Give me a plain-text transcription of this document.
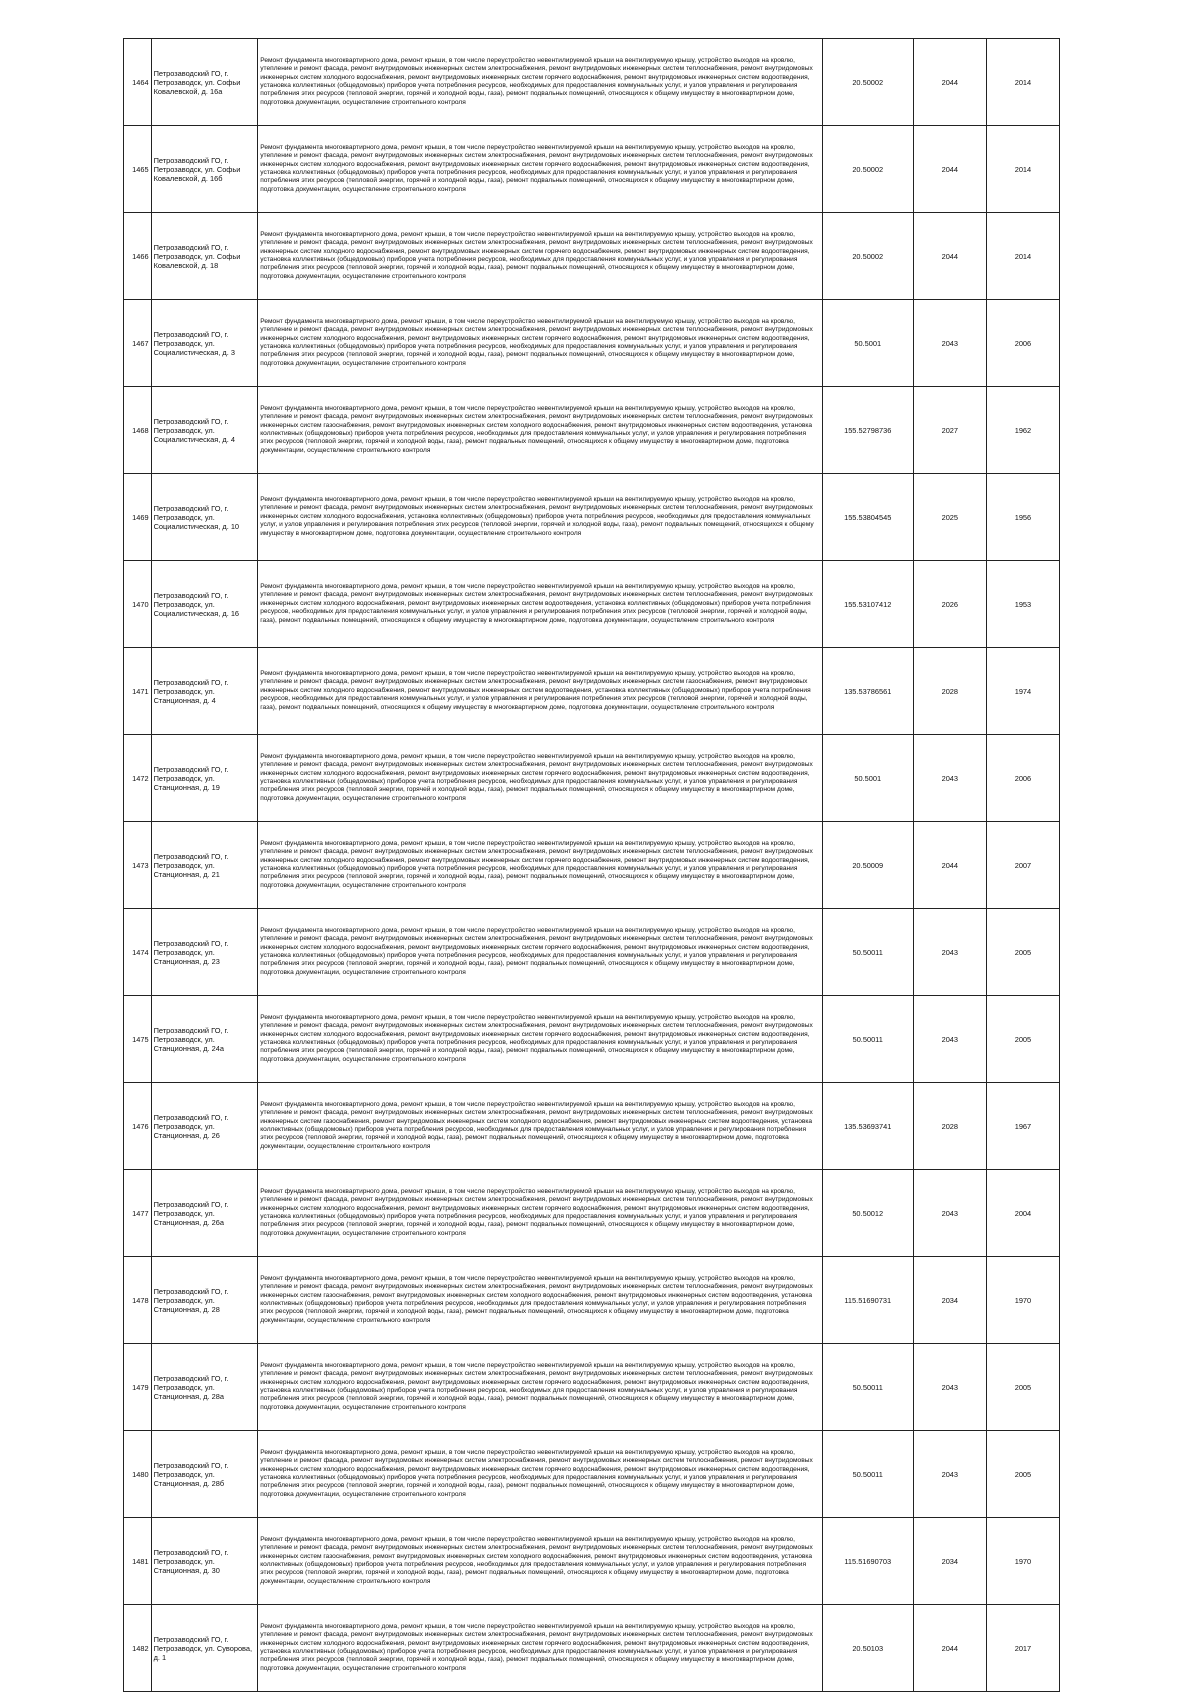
1464	Петрозаводский ГО, г. Петрозаводск, ул. Софьи Ковалевской, д. 16а	Ремонт фундамента многоквартирного дома, ремонт крыши, в том числе переустройство невентилируемой крыши на вентилируемую крышу, устройство выходов на кровлю, утепление и ремонт фасада, ремонт внутридомовых инженерных систем электроснабжения, ремонт внутридомовых инженерных систем теплоснабжения, ремонт внутридомовых инженерных систем холодного водоснабжения, ремонт внутридомовых инженерных систем горячего водоснабжения, ремонт внутридомовых инженерных систем водоотведения, установка коллективных (общедомовых) приборов учета потребления ресурсов, необходимых для предоставления коммунальных услуг, и узлов управления и регулирования потребления этих ресурсов (тепловой энергии, горячей и холодной воды, газа), ремонт подвальных помещений, относящихся к общему имуществу в многоквартирном доме, подготовка документации, осуществление строительного контроля	20.50002	2044	2014
1465	Петрозаводский ГО, г. Петрозаводск, ул. Софьи Ковалевской, д. 16б	Ремонт фундамента многоквартирного дома, ремонт крыши, в том числе переустройство невентилируемой крыши на вентилируемую крышу, устройство выходов на кровлю, утепление и ремонт фасада, ремонт внутридомовых инженерных систем электроснабжения, ремонт внутридомовых инженерных систем теплоснабжения, ремонт внутридомовых инженерных систем холодного водоснабжения, ремонт внутридомовых инженерных систем горячего водоснабжения, ремонт внутридомовых инженерных систем водоотведения, установка коллективных (общедомовых) приборов учета потребления ресурсов, необходимых для предоставления коммунальных услуг, и узлов управления и регулирования потребления этих ресурсов (тепловой энергии, горячей и холодной воды, газа), ремонт подвальных помещений, относящихся к общему имуществу в многоквартирном доме, подготовка документации, осуществление строительного контроля	20.50002	2044	2014
1466	Петрозаводский ГО, г. Петрозаводск, ул. Софьи Ковалевской, д. 18	Ремонт фундамента многоквартирного дома, ремонт крыши, в том числе переустройство невентилируемой крыши на вентилируемую крышу, устройство выходов на кровлю, утепление и ремонт фасада, ремонт внутридомовых инженерных систем электроснабжения, ремонт внутридомовых инженерных систем теплоснабжения, ремонт внутридомовых инженерных систем холодного водоснабжения, ремонт внутридомовых инженерных систем горячего водоснабжения, ремонт внутридомовых инженерных систем водоотведения, установка коллективных (общедомовых) приборов учета потребления ресурсов, необходимых для предоставления коммунальных услуг, и узлов управления и регулирования потребления этих ресурсов (тепловой энергии, горячей и холодной воды, газа), ремонт подвальных помещений, относящихся к общему имуществу в многоквартирном доме, подготовка документации, осуществление строительного контроля	20.50002	2044	2014
1467	Петрозаводский ГО, г. Петрозаводск, ул. Социалистическая, д. 3	Ремонт фундамента многоквартирного дома, ремонт крыши, в том числе переустройство невентилируемой крыши на вентилируемую крышу, устройство выходов на кровлю, утепление и ремонт фасада, ремонт внутридомовых инженерных систем электроснабжения, ремонт внутридомовых инженерных систем теплоснабжения, ремонт внутридомовых инженерных систем холодного водоснабжения, ремонт внутридомовых инженерных систем горячего водоснабжения, ремонт внутридомовых инженерных систем водоотведения, установка коллективных (общедомовых) приборов учета потребления ресурсов, необходимых для предоставления коммунальных услуг, и узлов управления и регулирования потребления этих ресурсов (тепловой энергии, горячей и холодной воды, газа), ремонт подвальных помещений, относящихся к общему имуществу в многоквартирном доме, подготовка документации, осуществление строительного контроля	50.5001	2043	2006
1468	Петрозаводский ГО, г. Петрозаводск, ул. Социалистическая, д. 4	Ремонт фундамента многоквартирного дома, ремонт крыши, в том числе переустройство невентилируемой крыши на вентилируемую крышу, устройство выходов на кровлю, утепление и ремонт фасада, ремонт внутридомовых инженерных систем электроснабжения, ремонт внутридомовых инженерных систем теплоснабжения, ремонт внутридомовых инженерных систем газоснабжения, ремонт внутридомовых инженерных систем холодного водоснабжения, ремонт внутридомовых инженерных систем водоотведения, установка коллективных (общедомовых) приборов учета потребления ресурсов, необходимых для предоставления коммунальных услуг, и узлов управления и регулирования потребления этих ресурсов (тепловой энергии, горячей и холодной воды, газа), ремонт подвальных помещений, относящихся к общему имуществу в многоквартирном доме, подготовка документации, осуществление строительного контроля	155.52798736	2027	1962
1469	Петрозаводский ГО, г. Петрозаводск, ул. Социалистическая, д. 10	Ремонт фундамента многоквартирного дома, ремонт крыши, в том числе переустройство невентилируемой крыши на вентилируемую крышу, устройство выходов на кровлю, утепление и ремонт фасада, ремонт внутридомовых инженерных систем электроснабжения, ремонт внутридомовых инженерных систем теплоснабжения, ремонт внутридомовых инженерных систем холодного водоснабжения, установка коллективных (общедомовых) приборов учета потребления ресурсов, необходимых для предоставления коммунальных услуг, и узлов управления и регулирования потребления этих ресурсов (тепловой энергии, горячей и холодной воды, газа), ремонт подвальных помещений, относящихся к общему имуществу в многоквартирном доме, подготовка документации, осуществление строительного контроля	155.53804545	2025	1956
1470	Петрозаводский ГО, г. Петрозаводск, ул. Социалистическая, д. 16	Ремонт фундамента многоквартирного дома, ремонт крыши, в том числе переустройство невентилируемой крыши на вентилируемую крышу, устройство выходов на кровлю, утепление и ремонт фасада, ремонт внутридомовых инженерных систем электроснабжения, ремонт внутридомовых инженерных систем теплоснабжения, ремонт внутридомовых инженерных систем холодного водоснабжения, ремонт внутридомовых инженерных систем водоотведения, установка коллективных (общедомовых) приборов учета потребления ресурсов, необходимых для предоставления коммунальных услуг, и узлов управления и регулирования потребления этих ресурсов (тепловой энергии, горячей и холодной воды, газа), ремонт подвальных помещений, относящихся к общему имуществу в многоквартирном доме, подготовка документации, осуществление строительного контроля	155.53107412	2026	1953
1471	Петрозаводский ГО, г. Петрозаводск, ул. Станционная, д. 4	Ремонт фундамента многоквартирного дома, ремонт крыши, в том числе переустройство невентилируемой крыши на вентилируемую крышу, устройство выходов на кровлю, утепление и ремонт фасада, ремонт внутридомовых инженерных систем электроснабжения, ремонт внутридомовых инженерных систем газоснабжения, ремонт внутридомовых инженерных систем холодного водоснабжения, ремонт внутридомовых инженерных систем водоотведения, установка коллективных (общедомовых) приборов учета потребления ресурсов, необходимых для предоставления коммунальных услуг, и узлов управления и регулирования потребления этих ресурсов (тепловой энергии, горячей и холодной воды, газа), ремонт подвальных помещений, относящихся к общему имуществу в многоквартирном доме, подготовка документации, осуществление строительного контроля	135.53786561	2028	1974
1472	Петрозаводский ГО, г. Петрозаводск, ул. Станционная, д. 19	Ремонт фундамента многоквартирного дома, ремонт крыши, в том числе переустройство невентилируемой крыши на вентилируемую крышу, устройство выходов на кровлю, утепление и ремонт фасада, ремонт внутридомовых инженерных систем электроснабжения, ремонт внутридомовых инженерных систем теплоснабжения, ремонт внутридомовых инженерных систем холодного водоснабжения, ремонт внутридомовых инженерных систем горячего водоснабжения, ремонт внутридомовых инженерных систем водоотведения, установка коллективных (общедомовых) приборов учета потребления ресурсов, необходимых для предоставления коммунальных услуг, и узлов управления и регулирования потребления этих ресурсов (тепловой энергии, горячей и холодной воды, газа), ремонт подвальных помещений, относящихся к общему имуществу в многоквартирном доме, подготовка документации, осуществление строительного контроля	50.5001	2043	2006
1473	Петрозаводский ГО, г. Петрозаводск, ул. Станционная, д. 21	Ремонт фундамента многоквартирного дома, ремонт крыши, в том числе переустройство невентилируемой крыши на вентилируемую крышу, устройство выходов на кровлю, утепление и ремонт фасада, ремонт внутридомовых инженерных систем электроснабжения, ремонт внутридомовых инженерных систем теплоснабжения, ремонт внутридомовых инженерных систем холодного водоснабжения, ремонт внутридомовых инженерных систем горячего водоснабжения, ремонт внутридомовых инженерных систем водоотведения, установка коллективных (общедомовых) приборов учета потребления ресурсов, необходимых для предоставления коммунальных услуг, и узлов управления и регулирования потребления этих ресурсов (тепловой энергии, горячей и холодной воды, газа), ремонт подвальных помещений, относящихся к общему имуществу в многоквартирном доме, подготовка документации, осуществление строительного контроля	20.50009	2044	2007
1474	Петрозаводский ГО, г. Петрозаводск, ул. Станционная, д. 23	Ремонт фундамента многоквартирного дома, ремонт крыши, в том числе переустройство невентилируемой крыши на вентилируемую крышу, устройство выходов на кровлю, утепление и ремонт фасада, ремонт внутридомовых инженерных систем электроснабжения, ремонт внутридомовых инженерных систем теплоснабжения, ремонт внутридомовых инженерных систем холодного водоснабжения, ремонт внутридомовых инженерных систем горячего водоснабжения, ремонт внутридомовых инженерных систем водоотведения, установка коллективных (общедомовых) приборов учета потребления ресурсов, необходимых для предоставления коммунальных услуг, и узлов управления и регулирования потребления этих ресурсов (тепловой энергии, горячей и холодной воды, газа), ремонт подвальных помещений, относящихся к общему имуществу в многоквартирном доме, подготовка документации, осуществление строительного контроля	50.50011	2043	2005
1475	Петрозаводский ГО, г. Петрозаводск, ул. Станционная, д. 24а	Ремонт фундамента многоквартирного дома, ремонт крыши, в том числе переустройство невентилируемой крыши на вентилируемую крышу, устройство выходов на кровлю, утепление и ремонт фасада, ремонт внутридомовых инженерных систем электроснабжения, ремонт внутридомовых инженерных систем теплоснабжения, ремонт внутридомовых инженерных систем холодного водоснабжения, ремонт внутридомовых инженерных систем горячего водоснабжения, ремонт внутридомовых инженерных систем водоотведения, установка коллективных (общедомовых) приборов учета потребления ресурсов, необходимых для предоставления коммунальных услуг, и узлов управления и регулирования потребления этих ресурсов (тепловой энергии, горячей и холодной воды, газа), ремонт подвальных помещений, относящихся к общему имуществу в многоквартирном доме, подготовка документации, осуществление строительного контроля	50.50011	2043	2005
1476	Петрозаводский ГО, г. Петрозаводск, ул. Станционная, д. 26	Ремонт фундамента многоквартирного дома, ремонт крыши, в том числе переустройство невентилируемой крыши на вентилируемую крышу, устройство выходов на кровлю, утепление и ремонт фасада, ремонт внутридомовых инженерных систем электроснабжения, ремонт внутридомовых инженерных систем теплоснабжения, ремонт внутридомовых инженерных систем газоснабжения, ремонт внутридомовых инженерных систем холодного водоснабжения, ремонт внутридомовых инженерных систем водоотведения, установка коллективных (общедомовых) приборов учета потребления ресурсов, необходимых для предоставления коммунальных услуг, и узлов управления и регулирования потребления этих ресурсов (тепловой энергии, горячей и холодной воды, газа), ремонт подвальных помещений, относящихся к общему имуществу в многоквартирном доме, подготовка документации, осуществление строительного контроля	135.53693741	2028	1967
1477	Петрозаводский ГО, г. Петрозаводск, ул. Станционная, д. 26а	Ремонт фундамента многоквартирного дома, ремонт крыши, в том числе переустройство невентилируемой крыши на вентилируемую крышу, устройство выходов на кровлю, утепление и ремонт фасада, ремонт внутридомовых инженерных систем электроснабжения, ремонт внутридомовых инженерных систем теплоснабжения, ремонт внутридомовых инженерных систем холодного водоснабжения, ремонт внутридомовых инженерных систем горячего водоснабжения, ремонт внутридомовых инженерных систем водоотведения, установка коллективных (общедомовых) приборов учета потребления ресурсов, необходимых для предоставления коммунальных услуг, и узлов управления и регулирования потребления этих ресурсов (тепловой энергии, горячей и холодной воды, газа), ремонт подвальных помещений, относящихся к общему имуществу в многоквартирном доме, подготовка документации, осуществление строительного контроля	50.50012	2043	2004
1478	Петрозаводский ГО, г. Петрозаводск, ул. Станционная, д. 28	Ремонт фундамента многоквартирного дома, ремонт крыши, в том числе переустройство невентилируемой крыши на вентилируемую крышу, устройство выходов на кровлю, утепление и ремонт фасада, ремонт внутридомовых инженерных систем электроснабжения, ремонт внутридомовых инженерных систем теплоснабжения, ремонт внутридомовых инженерных систем газоснабжения, ремонт внутридомовых инженерных систем холодного водоснабжения, ремонт внутридомовых инженерных систем водоотведения, установка коллективных (общедомовых) приборов учета потребления ресурсов, необходимых для предоставления коммунальных услуг, и узлов управления и регулирования потребления этих ресурсов (тепловой энергии, горячей и холодной воды, газа), ремонт подвальных помещений, относящихся к общему имуществу в многоквартирном доме, подготовка документации, осуществление строительного контроля	115.51690731	2034	1970
1479	Петрозаводский ГО, г. Петрозаводск, ул. Станционная, д. 28а	Ремонт фундамента многоквартирного дома, ремонт крыши, в том числе переустройство невентилируемой крыши на вентилируемую крышу, устройство выходов на кровлю, утепление и ремонт фасада, ремонт внутридомовых инженерных систем электроснабжения, ремонт внутридомовых инженерных систем теплоснабжения, ремонт внутридомовых инженерных систем холодного водоснабжения, ремонт внутридомовых инженерных систем горячего водоснабжения, ремонт внутридомовых инженерных систем водоотведения, установка коллективных (общедомовых) приборов учета потребления ресурсов, необходимых для предоставления коммунальных услуг, и узлов управления и регулирования потребления этих ресурсов (тепловой энергии, горячей и холодной воды, газа), ремонт подвальных помещений, относящихся к общему имуществу в многоквартирном доме, подготовка документации, осуществление строительного контроля	50.50011	2043	2005
1480	Петрозаводский ГО, г. Петрозаводск, ул. Станционная, д. 28б	Ремонт фундамента многоквартирного дома, ремонт крыши, в том числе переустройство невентилируемой крыши на вентилируемую крышу, устройство выходов на кровлю, утепление и ремонт фасада, ремонт внутридомовых инженерных систем электроснабжения, ремонт внутридомовых инженерных систем теплоснабжения, ремонт внутридомовых инженерных систем холодного водоснабжения, ремонт внутридомовых инженерных систем горячего водоснабжения, ремонт внутридомовых инженерных систем водоотведения, установка коллективных (общедомовых) приборов учета потребления ресурсов, необходимых для предоставления коммунальных услуг, и узлов управления и регулирования потребления этих ресурсов (тепловой энергии, горячей и холодной воды, газа), ремонт подвальных помещений, относящихся к общему имуществу в многоквартирном доме, подготовка документации, осуществление строительного контроля	50.50011	2043	2005
1481	Петрозаводский ГО, г. Петрозаводск, ул. Станционная, д. 30	Ремонт фундамента многоквартирного дома, ремонт крыши, в том числе переустройство невентилируемой крыши на вентилируемую крышу, устройство выходов на кровлю, утепление и ремонт фасада, ремонт внутридомовых инженерных систем электроснабжения, ремонт внутридомовых инженерных систем теплоснабжения, ремонт внутридомовых инженерных систем газоснабжения, ремонт внутридомовых инженерных систем холодного водоснабжения, ремонт внутридомовых инженерных систем водоотведения, установка коллективных (общедомовых) приборов учета потребления ресурсов, необходимых для предоставления коммунальных услуг, и узлов управления и регулирования потребления этих ресурсов (тепловой энергии, горячей и холодной воды, газа), ремонт подвальных помещений, относящихся к общему имуществу в многоквартирном доме, подготовка документации, осуществление строительного контроля	115.51690703	2034	1970
1482	Петрозаводский ГО, г. Петрозаводск, ул. Суворова, д. 1	Ремонт фундамента многоквартирного дома, ремонт крыши, в том числе переустройство невентилируемой крыши на вентилируемую крышу, устройство выходов на кровлю, утепление и ремонт фасада, ремонт внутридомовых инженерных систем электроснабжения, ремонт внутридомовых инженерных систем теплоснабжения, ремонт внутридомовых инженерных систем холодного водоснабжения, ремонт внутридомовых инженерных систем горячего водоснабжения, ремонт внутридомовых инженерных систем водоотведения, установка коллективных (общедомовых) приборов учета потребления ресурсов, необходимых для предоставления коммунальных услуг, и узлов управления и регулирования потребления этих ресурсов (тепловой энергии, горячей и холодной воды, газа), ремонт подвальных помещений, относящихся к общему имуществу в многоквартирном доме, подготовка документации, осуществление строительного контроля	20.50103	2044	2017
